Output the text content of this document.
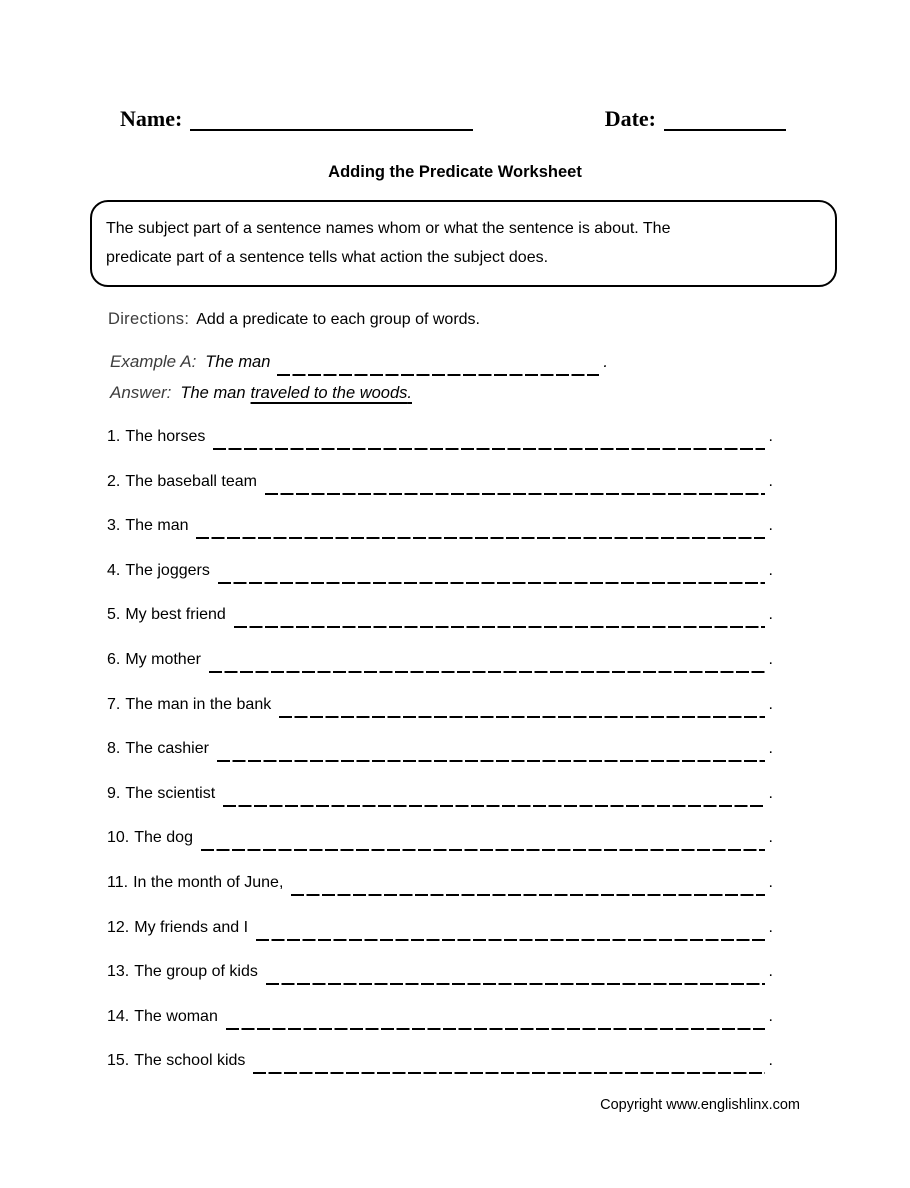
Name:	Date:
Adding the Predicate Worksheet
The subject part of a sentence names whom or what the sentence is about. The
predicate part of a sentence tells what action the subject does.
Directions: Add a predicate to each group of words.
Example A: The man	.
Answer: The man traveled to the woods.
1. The horses	.
2. The baseball team	.
3. The man	.
4. The joggers	.
5. My best friend	.
6. My mother	.
7. The man in the bank	.
8. The cashier	.
9. The scientist	.
10. The dog	.
11. In the month of June,	.
12. My friends and I	.
13. The group of kids	.
14. The woman	.
15. The school kids	.
Copyright www.englishlinx.com
